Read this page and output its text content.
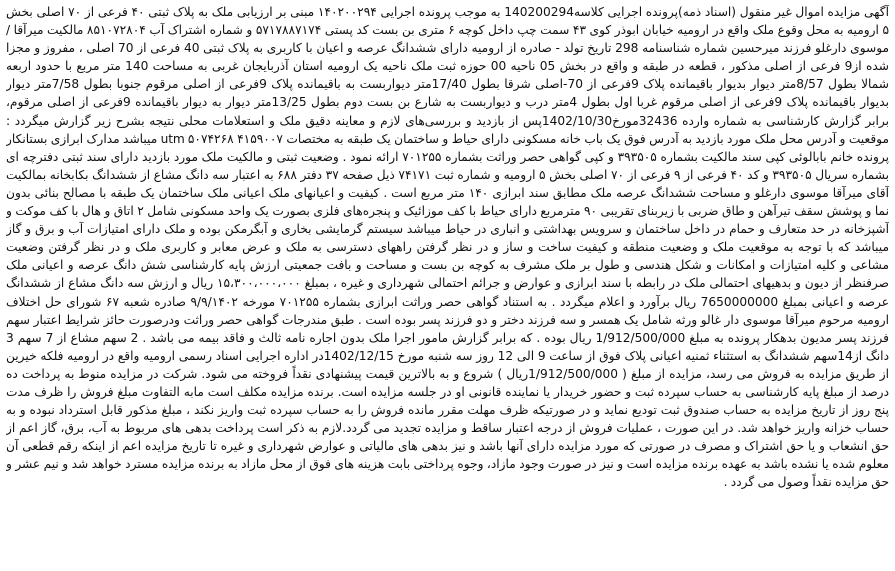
آگهی مزایده اموال غیر منقول (اسناد ذمه)پرونده اجرایی کلاسه140200294 به موجب پرونده اجرایی ۱۴۰۲۰۰۲۹۴ مبنی بر ارزیابی ملک به پلاک ثبتی ۴۰ فرعی از ۷۰ اصلی بخش ۵ ارومیه به محل وقوع ملک واقع در ارومیه خیابان ابوذر کوی ۴۳ سمت چپ داخل کوچه ۶ متری بن بست کد پستی ۵۷۱۷۸۸۷۱۷۴ و شماره اشتراک آب ۸۵۱۰۷۲۸۰۴ مالکیت میرآقا / موسوی دارغلو فرزند میرحسین شماره شناسنامه 298 تاریخ تولد - صادره از ارومیه دارای ششدانگ عرصه و اعیان با کاربری به پلاک ثبتی 40 فرعی از 70 اصلی ، مفروز و مجزا شده از9 فرعی از اصلی مذکور ، قطعه در طبقه و واقع در بخش 05 ناحیه 00 حوزه ثبت ملک ناحیه یک ارومیه استان آذربایجان غربی به مساحت 140 متر مربع با حدود اربعه شمالا بطول 8/57متر دیوار بدیوار باقیمانده پلاک 9فرعی از 70-اصلی شرقا بطول 17/40متر دیواربست به باقیمانده پلاک 9فرعی از اصلی مرقوم جنوبا بطول 7/58متر دیوار بدیوار باقیمانده پلاک 9فرعی از اصلی مرقوم غربا اول بطول 4متر درب و دیواربست به شارع بن بست دوم بطول 13/25متر دیوار به دیوار باقیمانده 9فرعی از اصلی مرقوم، برابر گزارش کارشناسی به شماره وارده 32436مورخ1402/10/30پس از بازدید و بررسی‌های لازم و معاینه دقیق ملک و استعلامات محلی نتیجه بشرح زیر گزارش میگردد : موقعیت و آدرس محل ملک مورد بازدید به آدرس فوق یک باب خانه مسکونی دارای حیاط و ساختمان یک طبقه به مختصات utm ۵۰۷۴۲۶۸ ۴۱۵۹۰۰۷ میباشد مدارک ابرازی بستانکار پرونده خانم بابالوئی کپی سند مالکیت بشماره ۳۹۳۵۰۵ و کپی گواهی حصر وراثت بشماره ۷۰۱۲۵۵ ارائه نمود . وضعیت ثبتی و مالکیت ملک مورد بازدید دارای سند ثبتی دفترچه ای بشماره سریال ۳۹۳۵۰۵ و کد ۴۰ فرعی از ۹ فرعی از ۷۰ اصلی بخش ۵ ارومیه و شماره ثبت ۷۴۱۷۱ ذیل صفحه ۳۷ دفتر ۶۸۸ به اعتبار سه دانگ مشاع از ششدانگ بکابخانه بمالکیت آقای میرآقا موسوی دارغلو و مساحت ششدانگ عرصه ملک مطابق سند ابرازی ۱۴۰ متر مربع است . کیفیت و اعیانهای ملک اعیانی ملک ساختمان یک طبقه با مصالح بنائی بدون نما و پوشش سقف تیرآهن و طاق ضربی با زیربنای تقریبی ۹۰ مترمربع دارای حیاط با کف موزائیک و پنجره‌های فلزی بصورت یک واحد مسکونی شامل ۲ اتاق و هال با کف موکت و آشپزخانه در حد متعارف و حمام در داخل ساختمان و سرویس بهداشتی و انباری در حیاط میباشد سیستم گرمایشی بخاری و آبگرمکن بوده و ملک دارای امتیازات آب و برق و گاز میباشد که با توجه به موقعیت ملک و وضعیت منطقه و کیفیت ساخت و ساز و در نظر گرفتن راههای دسترسی به ملک و عرض معابر و کاربری ملک و در نظر گرفتن وضعیت مشاعی و کلیه امتیازات و امکانات و شکل هندسی و طول بر ملک مشرف به کوچه بن بست و مساحت و بافت جمعیتی ارزش پایه کارشناسی شش دانگ عرصه و اعیانی ملک صرفنظر از دیون و بدهیهای احتمالی ملک در رابطه با سند ابرازی و عوارض و جرائم احتمالی شهرداری و غیره ، بمبلغ ۱۵،۳۰۰،۰۰۰،۰۰۰ ریال و ارزش سه دانگ مشاع از ششدانگ عرصه و اعیانی بمبلغ 7650000000 ریال برآورد و اعلام میگردد . به استناد گواهی حصر وراثت ابرازی بشماره ۷۰۱۲۵۵ مورخه ۹/۹/۱۴۰۲ صادره شعبه ۶۷ شورای حل اختلاف ارومیه مرحوم میرآقا موسوی دار غالو ورثه شامل یک همسر و سه فرزند دختر و دو فرزند پسر بوده است . طبق مندرجات گواهی حصر وراثت ودرصورت حائز شرایط اعتبار سهم فرزند پسر مدیون بدهکار پرونده به مبلغ 1/912/500/000 ریال بوده . که برابر گزارش مامور اجرا ملک بدون اجاره نامه ثالث و فاقد بیمه می باشد . 2 سهم مشاع از 7 سهم 3 دانگ از14سهم ششدانگ به استثناء ثمنیه اعیانی پلاک فوق از ساعت 9 الی 12 روز سه شنبه مورخ 1402/12/15در اداره اجرایی اسناد رسمی ارومیه واقع در ارومیه فلکه خیرین از طریق مزایده به فروش می رسد، مزایده از مبلغ ( 1/912/500/000ریال ) شروع و به بالاترین قیمت پیشنهادی نقداً فروخته می شود. شرکت در مزایده منوط به پرداخت ده درصد از مبلغ پایه کارشناسی به حساب سپرده ثبت و حضور خریدار یا نماینده قانونی او در جلسه مزایده است. برنده مزایده مکلف است مابه التفاوت مبلغ فروش را ظرف مدت پنج روز از تاریخ مزایده به حساب صندوق ثبت تودیع نماید و در صورتیکه ظرف مهلت مقرر مانده فروش را به حساب سپرده ثبت واریز نکند ، مبلغ مذکور قابل استرداد نبوده و به حساب خزانه واریز خواهد شد. در این صورت ، عملیات فروش از درجه اعتبار ساقط و مزایده تجدید می گردد.لازم به ذکر است پرداخت بدهی های مربوط به آب، برق، گاز اعم از حق انشعاب و یا حق اشتراک و مصرف در صورتی که مورد مزایده دارای آنها باشد و نیز بدهی های مالیاتی و عوارض شهرداری و غیره تا تاریخ مزایده اعم از اینکه رقم قطعی آن معلوم شده یا نشده باشد به عهده برنده مزایده است و نیز در صورت وجود مازاد، وجوه پرداختی بابت هزینه های فوق از محل مازاد به برنده مزایده مسترد خواهد شد و نیم عشر و حق مزایده نقداً وصول می گردد .
